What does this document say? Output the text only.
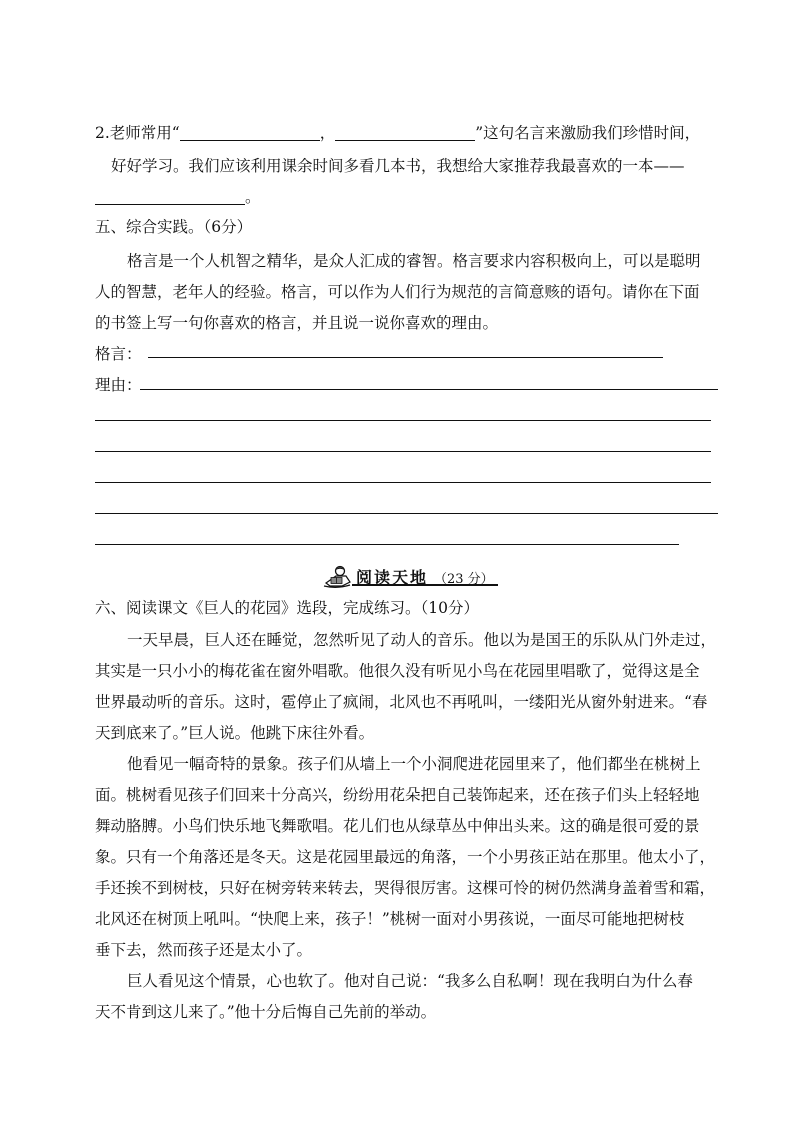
2.老师常用“	，	”这句名言来激励我们珍惜时间，
好好学习。我们应该利用课余时间多看几本书，我想给大家推荐我最喜欢的一本——
。
五、综合实践。（6分）
格言是一个人机智之精华，是众人汇成的睿智。格言要求内容积极向上，可以是聪明
人的智慧，老年人的经验。格言，可以作为人们行为规范的言简意赅的语句。请你在下面
的书签上写一句你喜欢的格言，并且说一说你喜欢的理由。
格言：
理由：
阅读天地 （23 分）
六、阅读课文《巨人的花园》选段，完成练习。（10分）
一天早晨，巨人还在睡觉，忽然听见了动人的音乐。他以为是国王的乐队从门外走过，
其实是一只小小的梅花雀在窗外唱歌。他很久没有听见小鸟在花园里唱歌了，觉得这是全
世界最动听的音乐。这时，雹停止了疯闹，北风也不再吼叫，一缕阳光从窗外射进来。“春
天到底来了。”巨人说。他跳下床往外看。
他看见一幅奇特的景象。孩子们从墙上一个小洞爬进花园里来了，他们都坐在桃树上
面。桃树看见孩子们回来十分高兴，纷纷用花朵把自己装饰起来，还在孩子们头上轻轻地
舞动胳膊。小鸟们快乐地飞舞歌唱。花儿们也从绿草丛中伸出头来。这的确是很可爱的景
象。只有一个角落还是冬天。这是花园里最远的角落，一个小男孩正站在那里。他太小了，
手还挨不到树枝，只好在树旁转来转去，哭得很厉害。这棵可怜的树仍然满身盖着雪和霜，
北风还在树顶上吼叫。“快爬上来，孩子！”桃树一面对小男孩说，一面尽可能地把树枝
垂下去，然而孩子还是太小了。
巨人看见这个情景，心也软了。他对自己说：“我多么自私啊！现在我明白为什么春
天不肯到这儿来了。”他十分后悔自己先前的举动。
